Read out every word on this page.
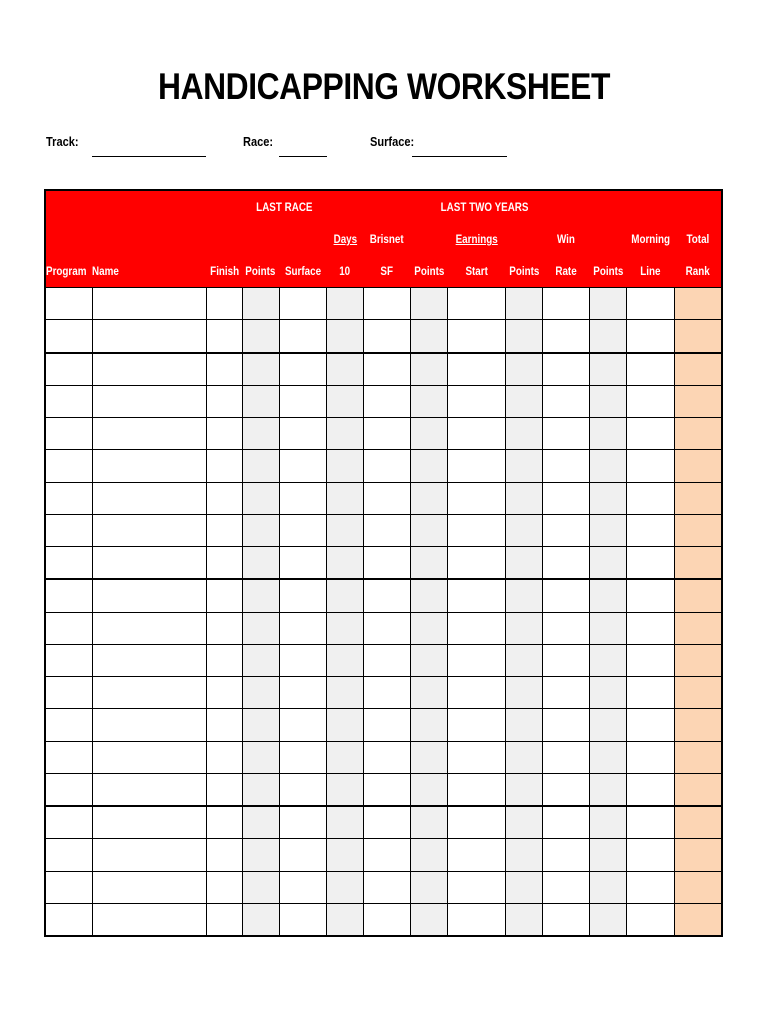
HANDICAPPING WORKSHEET
Track:	Race:	Surface:
		LAST RACE					LAST TWO YEARS						
					Days	Brisnet		Earnings		Win		Morning	Total
Program	Name	Finish	Points	Surface	10	SF	Points	Start	Points	Rate	Points	Line	Rank
